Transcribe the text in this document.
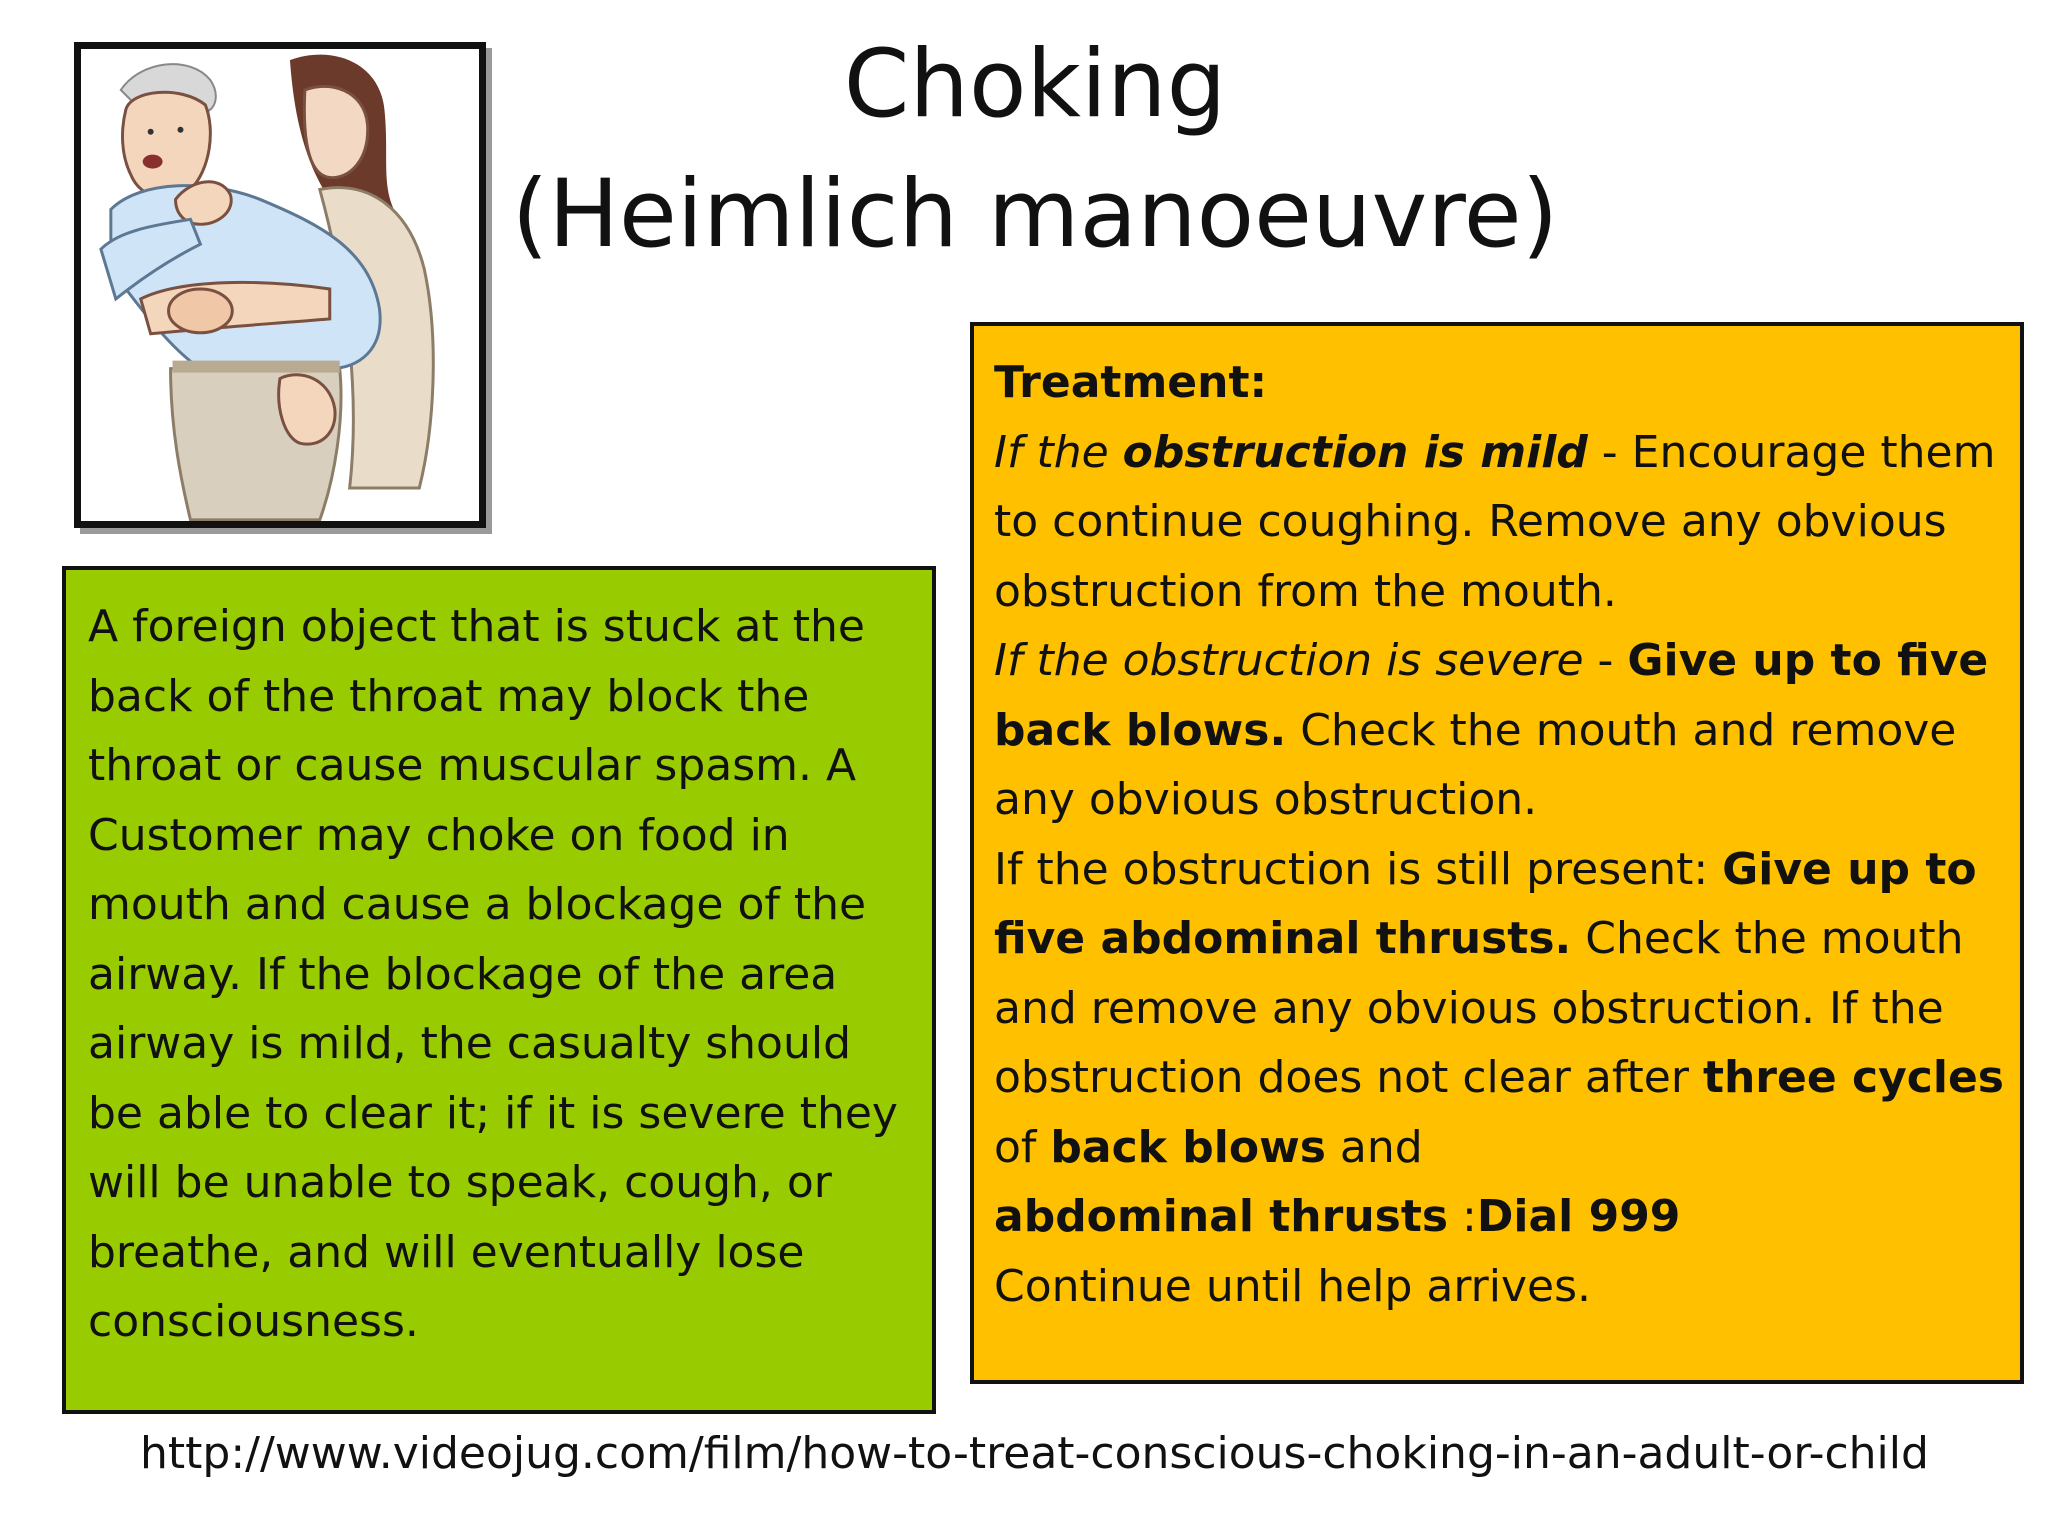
Choking
(Heimlich manoeuvre)
A foreign object that is stuck at the back of the throat may block the throat or cause muscular spasm. A Customer may choke on food in mouth and cause a blockage of the airway. If the blockage of the area airway is mild, the casualty should be able to clear it; if it is severe they will be unable to speak, cough, or breathe, and will eventually lose consciousness.

Treatment:

If the obstruction is mild - Encourage them to continue coughing. Remove any obvious obstruction from the mouth.

If the obstruction is severe - Give up to five back blows. Check the mouth and remove any obvious obstruction.

If the obstruction is still present: Give up to five abdominal thrusts. Check the mouth and remove any obvious obstruction. If the obstruction does not clear after three cycles of back blows and
abdominal thrusts :Dial 999

Continue until help arrives.

http://www.videojug.com/film/how-to-treat-conscious-choking-in-an-adult-or-child
